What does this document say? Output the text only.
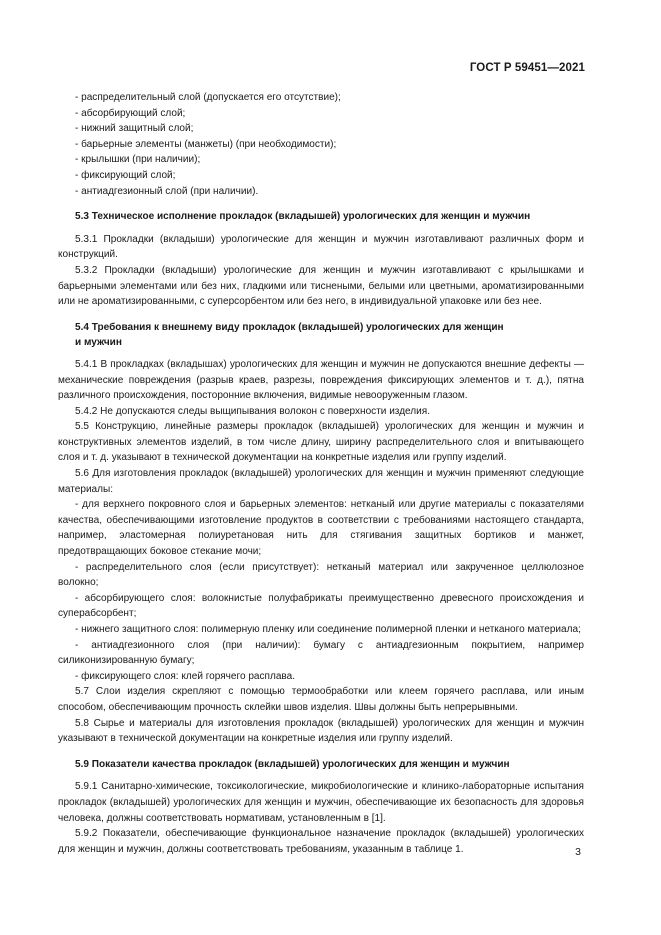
ГОСТ Р 59451—2021
- распределительный слой (допускается его отсутствие);
- абсорбирующий слой;
- нижний защитный слой;
- барьерные элементы (манжеты) (при необходимости);
- крылышки (при наличии);
- фиксирующий слой;
- антиадгезионный слой (при наличии).
5.3 Техническое исполнение прокладок (вкладышей) урологических для женщин и мужчин
5.3.1 Прокладки (вкладыши) урологические для женщин и мужчин изготавливают различных форм и конструкций.
5.3.2 Прокладки (вкладыши) урологические для женщин и мужчин изготавливают с крылышками и барьерными элементами или без них, гладкими или тиснеными, белыми или цветными, ароматизированными или не ароматизированными, с суперсорбентом или без него, в индивидуальной упаковке или без нее.
5.4 Требования к внешнему виду прокладок (вкладышей) урологических для женщин
и мужчин
5.4.1 В прокладках (вкладышах) урологических для женщин и мужчин не допускаются внешние дефекты — механические повреждения (разрыв краев, разрезы, повреждения фиксирующих элементов и т. д.), пятна различного происхождения, посторонние включения, видимые невооруженным глазом.
5.4.2 Не допускаются следы выщипывания волокон с поверхности изделия.
5.5 Конструкцию, линейные размеры прокладок (вкладышей) урологических для женщин и мужчин и конструктивных элементов изделий, в том числе длину, ширину распределительного слоя и впитывающего слоя и т. д. указывают в технической документации на конкретные изделия или группу изделий.
5.6 Для изготовления прокладок (вкладышей) урологических для женщин и мужчин применяют следующие материалы:
- для верхнего покровного слоя и барьерных элементов: нетканый или другие материалы с показателями качества, обеспечивающими изготовление продуктов в соответствии с требованиями настоящего стандарта, например, эластомерная полиуретановая нить для стягивания защитных бортиков и манжет, предотвращающих боковое стекание мочи;
- распределительного слоя (если присутствует): нетканый материал или закрученное целлюлозное волокно;
- абсорбирующего слоя: волокнистые полуфабрикаты преимущественно древесного происхождения и суперабсорбент;
- нижнего защитного слоя: полимерную пленку или соединение полимерной пленки и нетканого материала;
- антиадгезионного слоя (при наличии): бумагу с антиадгезионным покрытием, например силиконизированную бумагу;
- фиксирующего слоя: клей горячего расплава.
5.7 Слои изделия скрепляют с помощью термообработки или клеем горячего расплава, или иным способом, обеспечивающим прочность склейки швов изделия. Швы должны быть непрерывными.
5.8 Сырье и материалы для изготовления прокладок (вкладышей) урологических для женщин и мужчин указывают в технической документации на конкретные изделия или группу изделий.
5.9 Показатели качества прокладок (вкладышей) урологических для женщин и мужчин
5.9.1 Санитарно-химические, токсикологические, микробиологические и клинико-лабораторные испытания прокладок (вкладышей) урологических для женщин и мужчин, обеспечивающие их безопасность для здоровья человека, должны соответствовать нормативам, установленным в [1].
5.9.2 Показатели, обеспечивающие функциональное назначение прокладок (вкладышей) урологических для женщин и мужчин, должны соответствовать требованиям, указанным в таблице 1.	3
